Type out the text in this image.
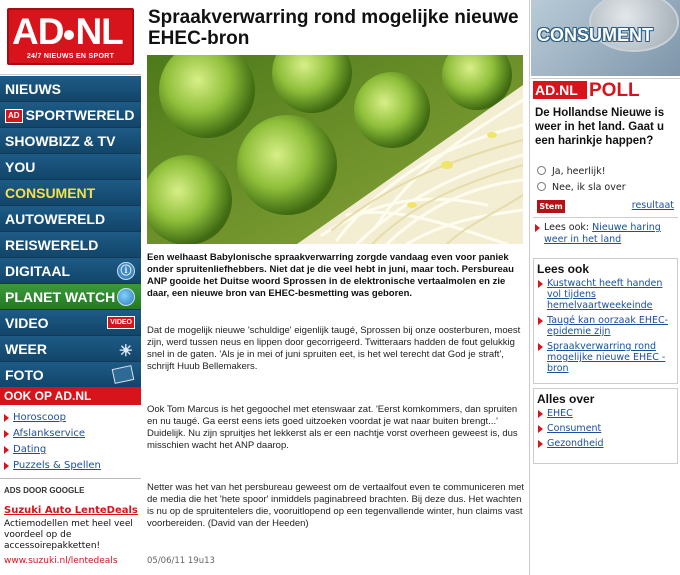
AD NL
24/7 NIEUWS EN SPORT
NIEUWS
AD SPORTWERELD
SHOWBIZZ & TV
YOU
CONSUMENT
AUTOWERELD
REISWERELD
DIGITAAL	ⓘ
PLANET WATCH
VIDEO	VIDEO
WEER	☀
FOTO
OOK OP AD.NL
Horoscoop
Afslankservice
Dating
Puzzels & Spellen
ADS DOOR GOOGLE
Suzuki Auto LenteDeals
Actiemodellen met heel veel voordeel op de accessoirepakketten!
www.suzuki.nl/lentedeals
Spraakverwarring rond mogelijke nieuwe EHEC-bron

Een welhaast Babylonische spraakverwarring zorgde vandaag even voor paniek onder spruitenliefhebbers. Niet dat je die veel hebt in juni, maar toch. Persbureau ANP gooide het Duitse woord Sprossen in de elektronische vertaalmolen en zie daar, een nieuwe bron van EHEC-besmetting was geboren.

Dat de mogelijk nieuwe 'schuldige' eigenlijk taugé, Sprossen bij onze oosterburen, moest zijn, werd tussen neus en lippen door gecorrigeerd. Twitteraars hadden de fout gelukkig snel in de gaten. 'Als je in mei of juni spruiten eet, is het wel terecht dat God je straft', schrijft Huub Bellemakers.

Ook Tom Marcus is het gegoochel met etenswaar zat. 'Eerst komkommers, dan spruiten en nu taugé. Ga eerst eens iets goed uitzoeken voordat je wat naar buiten brengt...' Duidelijk. Nu zijn spruitjes het lekkerst als er een nachtje vorst overheen geweest is, dus misschien wacht het ANP daarop.

Netter was het van het persbureau geweest om de vertaalfout even te communiceren met de media die het 'hete spoor' inmiddels paginabreed brachten. Bij deze dus. Het wachten is nu op de spruitentelers die, vooruitlopend op een tegenvallende winter, hun claims vast voorbereiden. (David van der Heeden)

05/06/11 19u13
CONSUMENT
AD.NL POLL
De Hollandse Nieuwe is weer in het land. Gaat u een harinkje happen?
Ja, heerlijk!
Nee, ik sla over
Stem	resultaat
Lees ook: Nieuwe haring weer in het land
Lees ook
Kustwacht heeft handen vol tijdens hemelvaartweekeinde
Taugé kan oorzaak EHEC-epidemie zijn
Spraakverwarring rond mogelijke nieuwe EHEC -bron
Alles over
EHEC
Consument
Gezondheid
